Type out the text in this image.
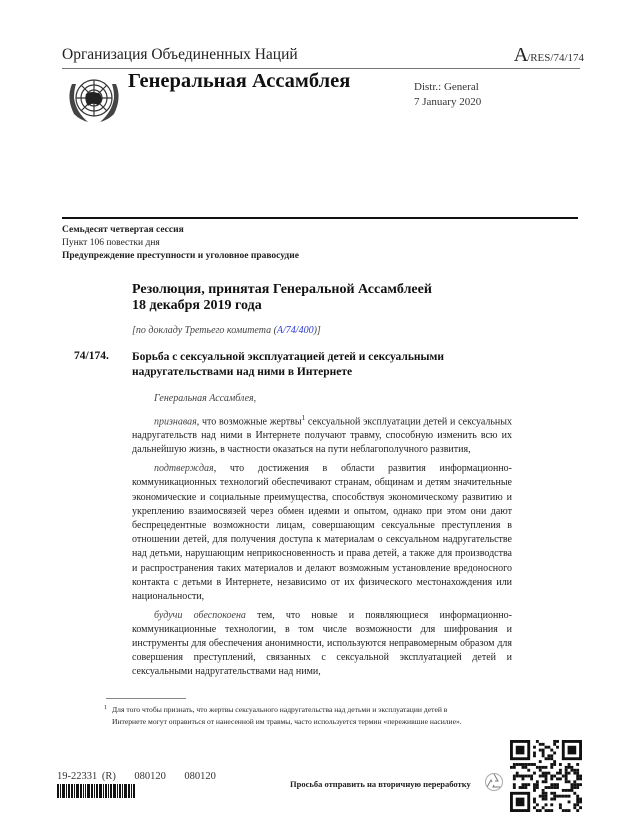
Организация Объединенных Наций	A/RES/74/174
Генеральная Ассамблея	Distr.: General
7 January 2020
Семьдесят четвертая сессия
Пункт 106 повестки дня
Предупреждение преступности и уголовное правосудие
Резолюция, принятая Генеральной Ассамблеей
18 декабря 2019 года
[по докладу Третьего комитета (A/74/400)]
74/174. Борьба с сексуальной эксплуатацией детей и сексуальными надругательствами над ними в Интернете

Генеральная Ассамблея,

признавая, что возможные жертвы$^1$ сексуальной эксплуатации детей и сексуальных надругательств над ними в Интернете получают травму, способную изменить всю их дальнейшую жизнь, в частности оказаться на пути неблагополучного развития,

подтверждая, что достижения в области развития информационно-коммуникационных технологий обеспечивают странам, общинам и детям значительные экономические и социальные преимущества, способствуя экономическому развитию и укреплению взаимосвязей через обмен идеями и опытом, однако при этом они дают беспрецедентные возможности лицам, совершающим сексуальные преступления в отношении детей, для получения доступа к материалам о сексуальном надругательстве над детьми, нарушающим неприкосновенность и права детей, а также для производства и распространения таких материалов и делают возможным установление вредоносного контакта с детьми в Интернете, независимо от их физического местонахождения или национальности,

будучи обеспокоена тем, что новые и появляющиеся информационно-коммуникационные технологии, в том числе возможности для шифрования и инструменты для обеспечения анонимности, используются неправомерным образом для совершения преступлений, связанных с сексуальной эксплуатацией детей и сексуальными надругательствами над ними,

1 Для того чтобы признать, что жертвы сексуального надругательства над детьми и эксплуатации детей в Интернете могут оправиться от нанесенной им травмы, часто используется термин «пережившие насилие».
19-22331 (R) 080120 080120
Просьба отправить на вторичную переработку
